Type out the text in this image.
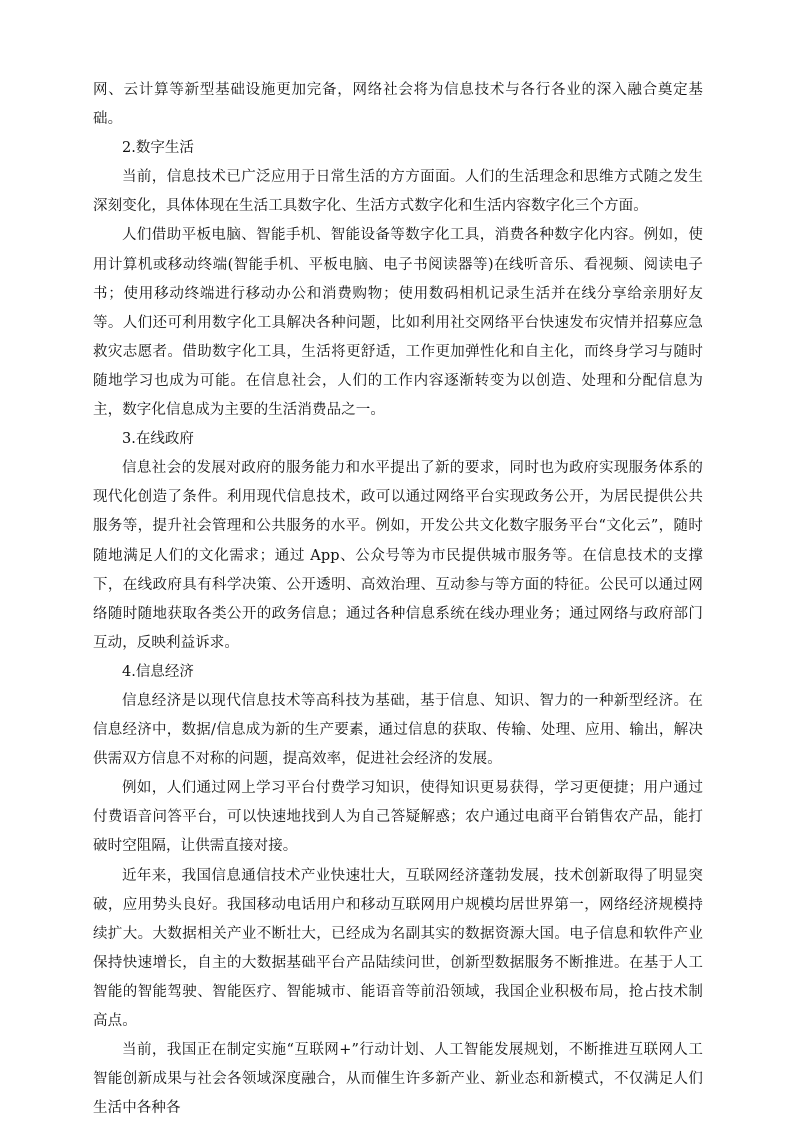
网、云计算等新型基础设施更加完备，网络社会将为信息技术与各行各业的深入融合奠定基础。

2.数字生活

当前，信息技术已广泛应用于日常生活的方方面面。人们的生活理念和思维方式随之发生深刻变化，具体体现在生活工具数字化、生活方式数字化和生活内容数字化三个方面。

人们借助平板电脑、智能手机、智能设备等数字化工具，消费各种数字化内容。例如，使用计算机或移动终端(智能手机、平板电脑、电子书阅读器等)在线听音乐、看视频、阅读电子书；使用移动终端进行移动办公和消费购物；使用数码相机记录生活并在线分享给亲朋好友等。人们还可利用数字化工具解决各种问题，比如利用社交网络平台快速发布灾情并招募应急救灾志愿者。借助数字化工具，生活将更舒适，工作更加弹性化和自主化，而终身学习与随时随地学习也成为可能。在信息社会，人们的工作内容逐渐转变为以创造、处理和分配信息为主，数字化信息成为主要的生活消费品之一。

3.在线政府

信息社会的发展对政府的服务能力和水平提出了新的要求，同时也为政府实现服务体系的现代化创造了条件。利用现代信息技术，政可以通过网络平台实现政务公开，为居民提供公共服务等，提升社会管理和公共服务的水平。例如，开发公共文化数字服务平台“文化云”，随时随地满足人们的文化需求；通过 App、公众号等为市民提供城市服务等。在信息技术的支撑下，在线政府具有科学决策、公开透明、高效治理、互动参与等方面的特征。公民可以通过网络随时随地获取各类公开的政务信息；通过各种信息系统在线办理业务；通过网络与政府部门互动，反映利益诉求。

4.信息经济

信息经济是以现代信息技术等高科技为基础，基于信息、知识、智力的一种新型经济。在信息经济中，数据/信息成为新的生产要素，通过信息的获取、传输、处理、应用、输出，解决供需双方信息不对称的问题，提高效率，促进社会经济的发展。

例如，人们通过网上学习平台付费学习知识，使得知识更易获得，学习更便捷；用户通过付费语音问答平台，可以快速地找到人为自己答疑解惑；农户通过电商平台销售农产品，能打破时空阻隔，让供需直接对接。

近年来，我国信息通信技术产业快速壮大，互联网经济蓬勃发展，技术创新取得了明显突破，应用势头良好。我国移动电话用户和移动互联网用户规模均居世界第一，网络经济规模持续扩大。大数据相关产业不断壮大，已经成为名副其实的数据资源大国。电子信息和软件产业保持快速增长，自主的大数据基础平台产品陆续问世，创新型数据服务不断推进。在基于人工智能的智能驾驶、智能医疗、智能城市、能语音等前沿领域，我国企业积极布局，抢占技术制高点。

当前，我国正在制定实施“互联网+”行动计划、人工智能发展规划，不断推进互联网人工智能创新成果与社会各领域深度融合，从而催生许多新产业、新业态和新模式，不仅满足人们生活中各种各
